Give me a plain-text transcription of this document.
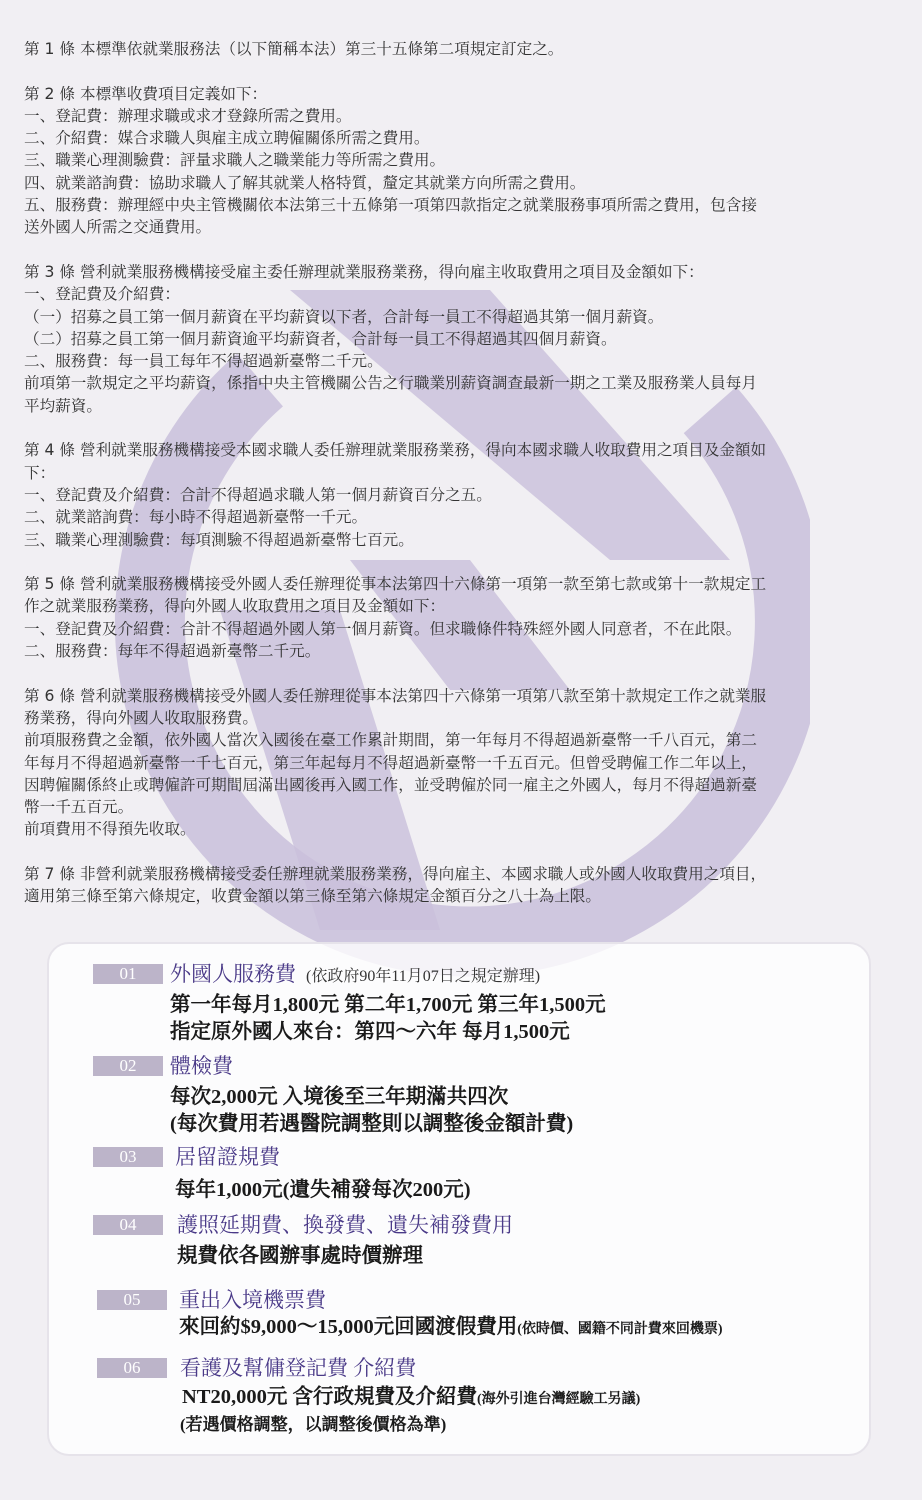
第 1 條 本標準依就業服務法（以下簡稱本法）第三十五條第二項規定訂定之。
第 2 條 本標準收費項目定義如下：
一、登記費：辦理求職或求才登錄所需之費用。
二、介紹費：媒合求職人與雇主成立聘僱關係所需之費用。
三、職業心理測驗費：評量求職人之職業能力等所需之費用。
四、就業諮詢費：協助求職人了解其就業人格特質，釐定其就業方向所需之費用。
五、服務費：辦理經中央主管機關依本法第三十五條第一項第四款指定之就業服務事項所需之費用，包含接
送外國人所需之交通費用。
第 3 條 營利就業服務機構接受雇主委任辦理就業服務業務，得向雇主收取費用之項目及金額如下：
一、登記費及介紹費：
（一）招募之員工第一個月薪資在平均薪資以下者，合計每一員工不得超過其第一個月薪資。
（二）招募之員工第一個月薪資逾平均薪資者，合計每一員工不得超過其四個月薪資。
二、服務費：每一員工每年不得超過新臺幣二千元。
前項第一款規定之平均薪資，係指中央主管機關公告之行職業別薪資調查最新一期之工業及服務業人員每月
平均薪資。
第 4 條 營利就業服務機構接受本國求職人委任辦理就業服務業務，得向本國求職人收取費用之項目及金額如
下：
一、登記費及介紹費：合計不得超過求職人第一個月薪資百分之五。
二、就業諮詢費：每小時不得超過新臺幣一千元。
三、職業心理測驗費：每項測驗不得超過新臺幣七百元。
第 5 條 營利就業服務機構接受外國人委任辦理從事本法第四十六條第一項第一款至第七款或第十一款規定工
作之就業服務業務，得向外國人收取費用之項目及金額如下：
一、登記費及介紹費：合計不得超過外國人第一個月薪資。但求職條件特殊經外國人同意者，不在此限。
二、服務費：每年不得超過新臺幣二千元。
第 6 條 營利就業服務機構接受外國人委任辦理從事本法第四十六條第一項第八款至第十款規定工作之就業服
務業務，得向外國人收取服務費。
前項服務費之金額，依外國人當次入國後在臺工作累計期間，第一年每月不得超過新臺幣一千八百元，第二
年每月不得超過新臺幣一千七百元，第三年起每月不得超過新臺幣一千五百元。但曾受聘僱工作二年以上，
因聘僱關係終止或聘僱許可期間屆滿出國後再入國工作，並受聘僱於同一雇主之外國人，每月不得超過新臺
幣一千五百元。
前項費用不得預先收取。
第 7 條 非營利就業服務機構接受委任辦理就業服務業務，得向雇主、本國求職人或外國人收取費用之項目，
適用第三條至第六條規定，收費金額以第三條至第六條規定金額百分之八十為上限。
01	外國人服務費 (依政府90年11月07日之規定辦理)
第一年每月1,800元 第二年1,700元 第三年1,500元
指定原外國人來台：第四～六年 每月1,500元
02	體檢費
每次2,000元 入境後至三年期滿共四次
(每次費用若遇醫院調整則以調整後金額計費)
03	居留證規費
每年1,000元(遺失補發每次200元)
04	護照延期費、換發費、遺失補發費用
規費依各國辦事處時價辦理
05	重出入境機票費
來回約$9,000～15,000元回國渡假費用(依時價、國籍不同計費來回機票)
06	看護及幫傭登記費 介紹費
NT20,000元 含行政規費及介紹費(海外引進台灣經驗工另議)
(若遇價格調整，以調整後價格為準)
